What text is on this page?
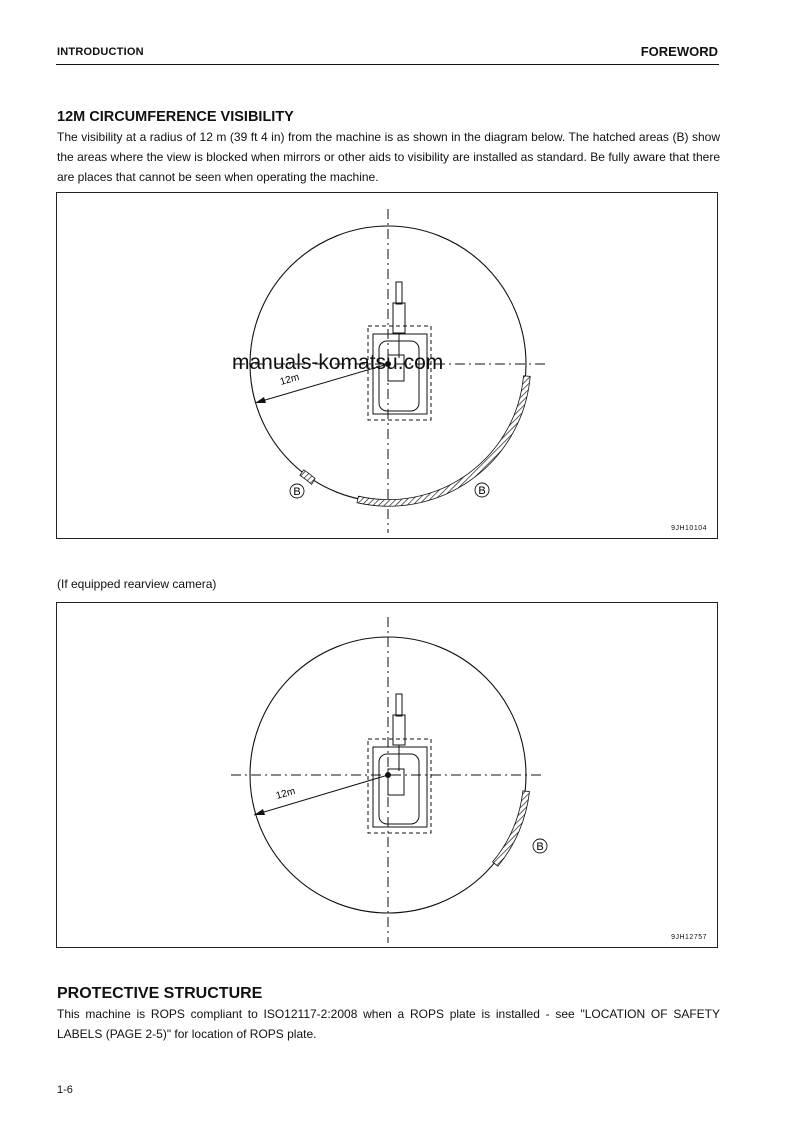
INTRODUCTION	FOREWORD
12M CIRCUMFERENCE VISIBILITY

The visibility at a radius of 12 m (39 ft 4 in) from the machine is as shown in the diagram below. The hatched areas (B) show the areas where the view is blocked when mirrors or other aids to visibility are installed as standard. Be fully aware that there are places that cannot be seen when operating the machine.

12m
B	B
9JH10104
manuals-komatsu.com
(If equipped rearview camera)
12m
B
9JH12757
PROTECTIVE STRUCTURE

This machine is ROPS compliant to ISO12117-2:2008 when a ROPS plate is installed - see "LOCATION OF SAFETY LABELS (PAGE 2-5)" for location of ROPS plate.

1-6
